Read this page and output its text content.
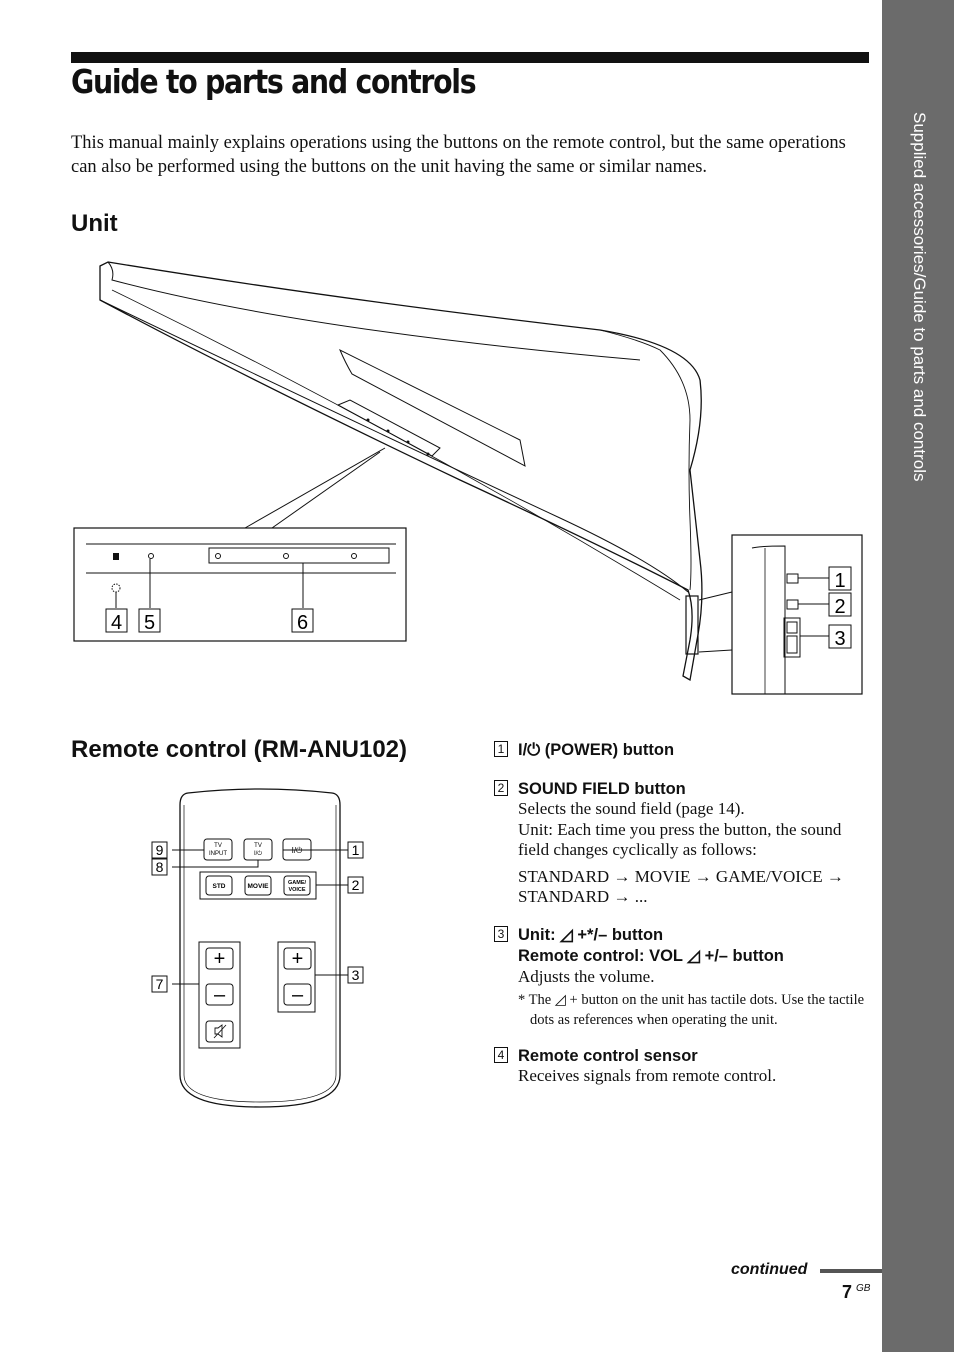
Supplied accessories/Guide to parts and controls
Guide to parts and controls

This manual mainly explains operations using the buttons on the remote control, but the same operations can also be performed using the buttons on the unit having the same or similar names.

Unit
4 5	6
1
2
3
Remote control (RM-ANU102)
TV
INPUT
TV
I/⏻	I/⏻
STD	MOVIE	GAME/
VOICE
+
–
+
–
1
2
3
9
8
7
1 I/⏻ (POWER) button
2 SOUND FIELD button
Selects the sound field (page 14).
Unit: Each time you press the button, the sound field changes cyclically as follows:
STANDARD → MOVIE → GAME/VOICE → STANDARD → ...
3 Unit: ◿ +*/– button
Remote control: VOL ◿ +/– button
Adjusts the volume.
* The ◿ + button on the unit has tactile dots. Use the tactile dots as references when operating the unit.
4 Remote control sensor
Receives signals from remote control.
continued
7 GB
